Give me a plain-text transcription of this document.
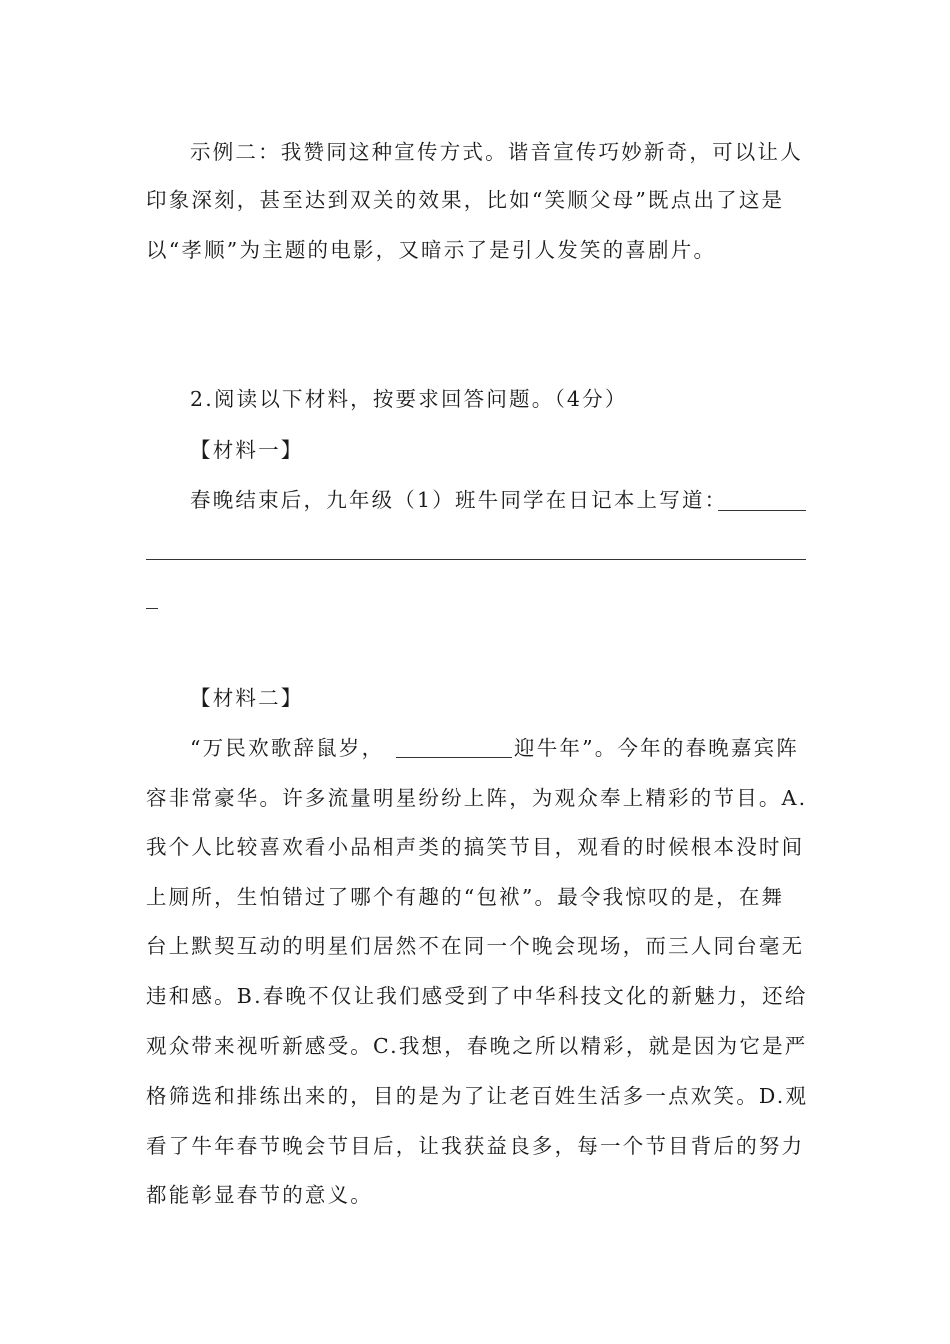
示例二：我赞同这种宣传方式。谐音宣传巧妙新奇，可以让人
印象深刻，甚至达到双关的效果，比如“笑顺父母”既点出了这是
以“孝顺”为主题的电影，又暗示了是引人发笑的喜剧片。
2.阅读以下材料，按要求回答问题。（4分）
【材料一】
春晚结束后，九年级（1）班牛同学在日记本上写道：
【材料二】
“万民欢歌辞鼠岁，	迎牛年”。今年的春晚嘉宾阵
容非常豪华。许多流量明星纷纷上阵，为观众奉上精彩的节目。A.
我个人比较喜欢看小品相声类的搞笑节目，观看的时候根本没时间
上厕所，生怕错过了哪个有趣的“包袱”。最令我惊叹的是，在舞
台上默契互动的明星们居然不在同一个晚会现场，而三人同台毫无
违和感。B.春晚不仅让我们感受到了中华科技文化的新魅力，还给
观众带来视听新感受。C.我想，春晚之所以精彩，就是因为它是严
格筛选和排练出来的，目的是为了让老百姓生活多一点欢笑。D.观
看了牛年春节晚会节目后，让我获益良多，每一个节目背后的努力
都能彰显春节的意义。
